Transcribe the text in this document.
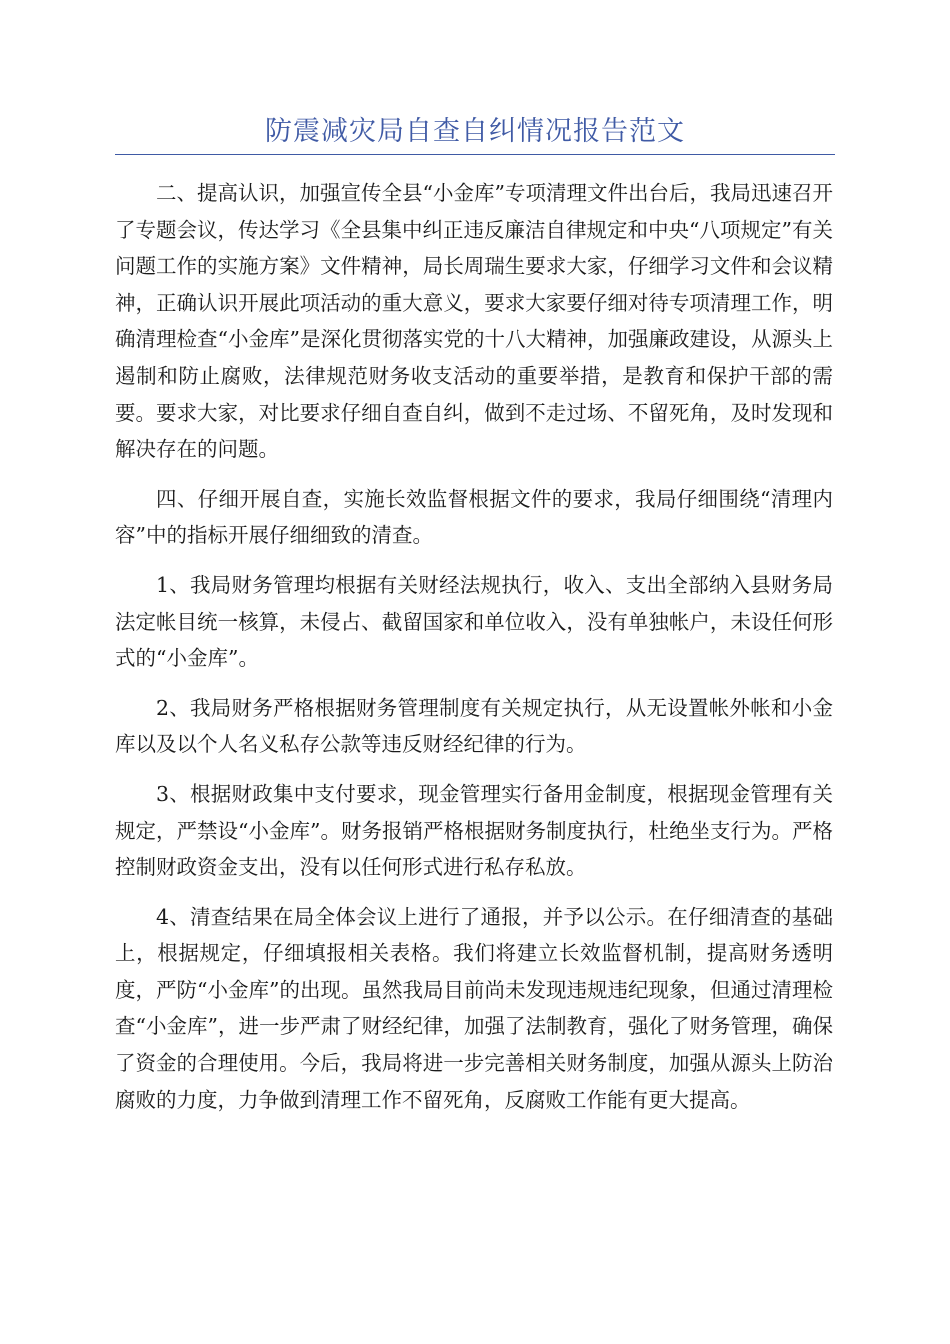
防震减灾局自查自纠情况报告范文

二、提高认识，加强宣传全县“小金库”专项清理文件出台后，我局迅速召开了专题会议，传达学习《全县集中纠正违反廉洁自律规定和中央“八项规定”有关问题工作的实施方案》文件精神，局长周瑞生要求大家，仔细学习文件和会议精神，正确认识开展此项活动的重大意义，要求大家要仔细对待专项清理工作，明确清理检查“小金库”是深化贯彻落实党的十八大精神，加强廉政建设，从源头上遏制和防止腐败，法律规范财务收支活动的重要举措，是教育和保护干部的需要。要求大家，对比要求仔细自查自纠，做到不走过场、不留死角，及时发现和解决存在的问题。

四、仔细开展自查，实施长效监督根据文件的要求，我局仔细围绕“清理内容”中的指标开展仔细细致的清查。

1、我局财务管理均根据有关财经法规执行，收入、支出全部纳入县财务局法定帐目统一核算，未侵占、截留国家和单位收入，没有单独帐户，未设任何形式的“小金库”。

2、我局财务严格根据财务管理制度有关规定执行，从无设置帐外帐和小金库以及以个人名义私存公款等违反财经纪律的行为。

3、根据财政集中支付要求，现金管理实行备用金制度，根据现金管理有关规定，严禁设“小金库”。财务报销严格根据财务制度执行，杜绝坐支行为。严格控制财政资金支出，没有以任何形式进行私存私放。

4、清查结果在局全体会议上进行了通报，并予以公示。在仔细清查的基础上，根据规定，仔细填报相关表格。我们将建立长效监督机制，提高财务透明度，严防“小金库”的出现。虽然我局目前尚未发现违规违纪现象，但通过清理检查“小金库”，进一步严肃了财经纪律，加强了法制教育，强化了财务管理，确保了资金的合理使用。今后，我局将进一步完善相关财务制度，加强从源头上防治腐败的力度，力争做到清理工作不留死角，反腐败工作能有更大提高。
